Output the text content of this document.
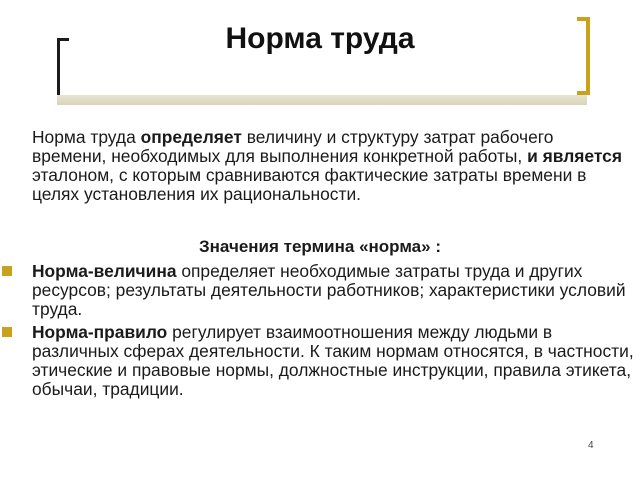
Норма труда
Норма труда определяет величину и структуру затрат рабочего времени, необходимых для выполнения конкретной работы, и является эталоном, с которым сравниваются фактические затраты времени в целях установления их рациональности.
Значения термина «норма» :
Норма-величина определяет необходимые затраты труда и других ресурсов; результаты деятельности работников; характеристики условий труда.
Норма-правило регулирует взаимоотношения между людьми в различных сферах деятельности. К таким нормам относятся, в частности, этические и правовые нормы, должностные инструкции, правила этикета, обычаи, традиции.
4
